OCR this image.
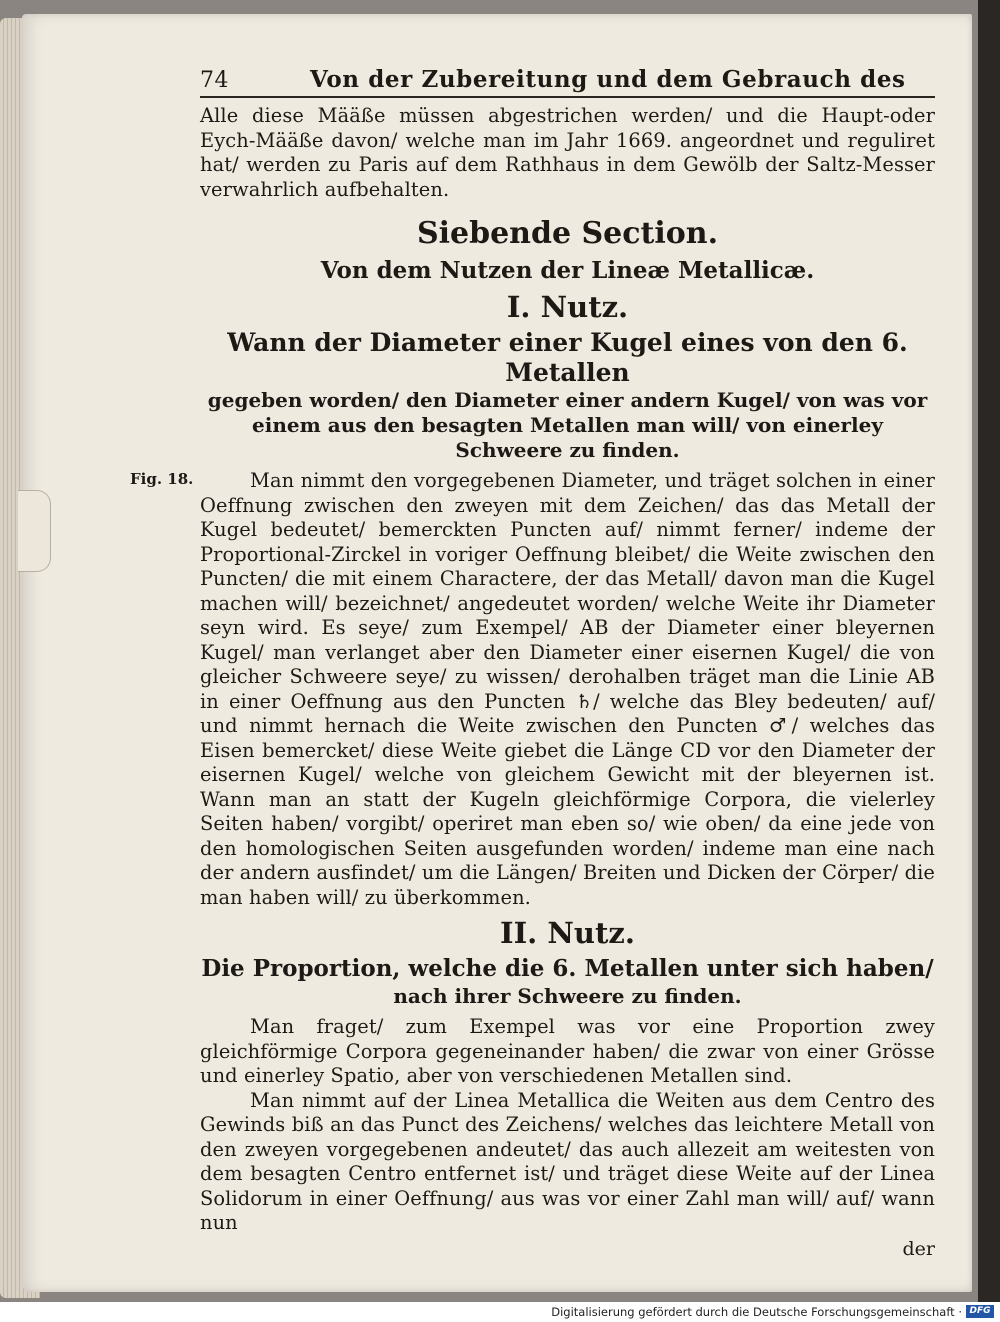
Fig. 18.
74	Von der Zubereitung und dem Gebrauch des

Alle diese Määße müssen abgestrichen werden/ und die Haupt-oder Eych-Määße davon/ welche man im Jahr 1669. angeordnet und reguliret hat/ werden zu Paris auf dem Rathhaus in dem Gewölb der Saltz-Messer verwahrlich aufbehalten.

Siebende Section.
Von dem Nutzen der Lineæ Metallicæ.
I. Nutz.
Wann der Diameter einer Kugel eines von den 6. Metallen
gegeben worden/ den Diameter einer andern Kugel/ von was vor einem aus den besagten Metallen man will/ von einerley Schweere zu finden.

Man nimmt den vorgegebenen Diameter, und träget solchen in einer Oeffnung zwischen den zweyen mit dem Zeichen/ das das Metall der Kugel bedeutet/ bemerckten Puncten auf/ nimmt ferner/ indeme der Proportional-Zirckel in voriger Oeffnung bleibet/ die Weite zwischen den Puncten/ die mit einem Charactere, der das Metall/ davon man die Kugel machen will/ bezeichnet/ angedeutet worden/ welche Weite ihr Diameter seyn wird. Es seye/ zum Exempel/ AB der Diameter einer bleyernen Kugel/ man verlanget aber den Diameter einer eisernen Kugel/ die von gleicher Schweere seye/ zu wissen/ derohalben träget man die Linie AB in einer Oeffnung aus den Puncten ♄/ welche das Bley bedeuten/ auf/ und nimmt hernach die Weite zwischen den Puncten ♂/ welches das Eisen bemercket/ diese Weite giebet die Länge CD vor den Diameter der eisernen Kugel/ welche von gleichem Gewicht mit der bleyernen ist. Wann man an statt der Kugeln gleichförmige Corpora, die vielerley Seiten haben/ vorgibt/ operiret man eben so/ wie oben/ da eine jede von den homologischen Seiten ausgefunden worden/ indeme man eine nach der andern ausfindet/ um die Längen/ Breiten und Dicken der Cörper/ die man haben will/ zu überkommen.

II. Nutz.
Die Proportion, welche die 6. Metallen unter sich haben/
nach ihrer Schweere zu finden.

Man fraget/ zum Exempel was vor eine Proportion zwey gleichförmige Corpora gegeneinander haben/ die zwar von einer Grösse und einerley Spatio, aber von verschiedenen Metallen sind.

Man nimmt auf der Linea Metallica die Weiten aus dem Centro des Gewinds biß an das Punct des Zeichens/ welches das leichtere Metall von den zweyen vorgegebenen andeutet/ das auch allezeit am weitesten von dem besagten Centro entfernet ist/ und träget diese Weite auf der Linea Solidorum in einer Oeffnung/ aus was vor einer Zahl man will/ auf/ wann nun

der
Digitalisierung gefördert durch die Deutsche Forschungsgemeinschaft · DFG
